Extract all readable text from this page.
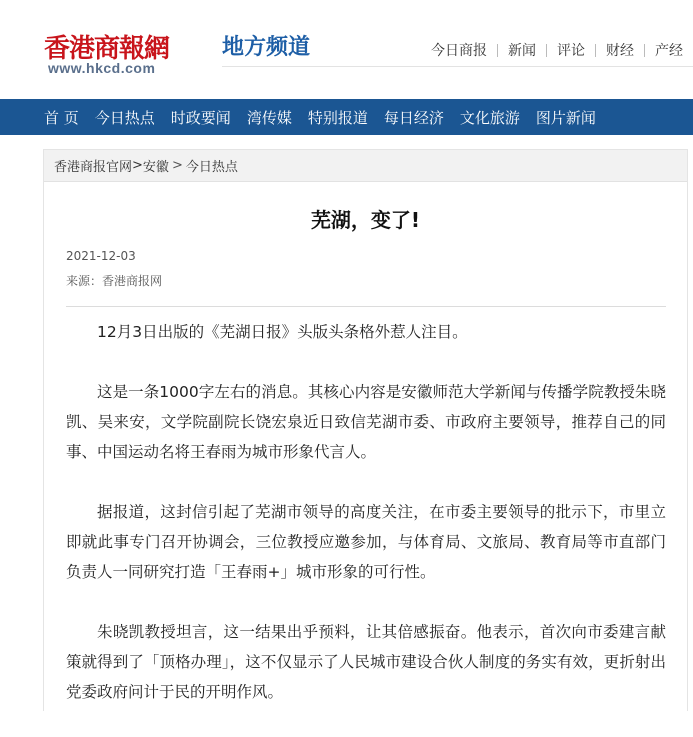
香港商報網
www.hkcd.com
地方频道	今日商报	新闻	评论	财经	产经
首 页 今日热点 时政要闻 湾传媒 特别报道 每日经济 文化旅游 图片新闻
香港商报官网 > 安徽 > 今日热点
芜湖，变了!
2021-12-03
来源：香港商报网

12月3日出版的《芜湖日报》头版头条格外惹人注目。

这是一条1000字左右的消息。其核心内容是安徽师范大学新闻与传播学院教授朱晓凯、吴来安，文学院副院长饶宏泉近日致信芜湖市委、市政府主要领导，推荐自己的同事、中国运动名将王春雨为城市形象代言人。

据报道，这封信引起了芜湖市领导的高度关注，在市委主要领导的批示下，市里立即就此事专门召开协调会，三位教授应邀参加，与体育局、文旅局、教育局等市直部门负责人一同研究打造「王春雨+」城市形象的可行性。

朱晓凯教授坦言，这一结果出乎预料，让其倍感振奋。他表示，首次向市委建言献策就得到了「顶格办理」，这不仅显示了人民城市建设合伙人制度的务实有效，更折射出党委政府问计于民的开明作风。
